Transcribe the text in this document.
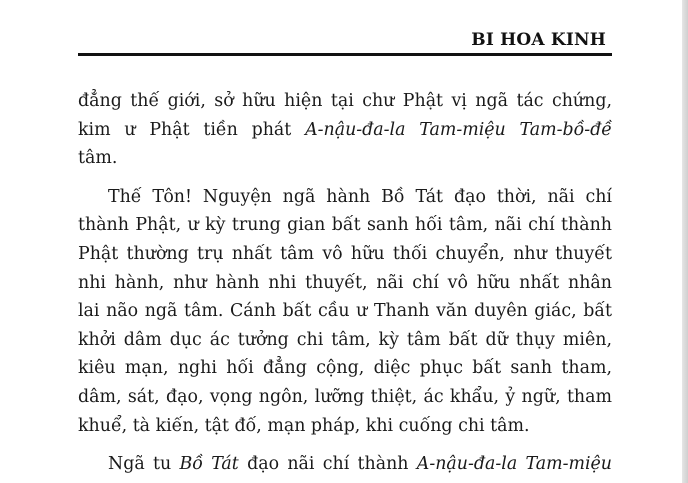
BI HOA KINH
đẳng thế giới, sở hữu hiện tại chư Phật vị ngã tác chứng,
kim ư Phật tiền phát A-nậu-đa-la Tam-miệu Tam-bồ-đề
tâm.
Thế Tôn! Nguyện ngã hành Bồ Tát đạo thời, nãi chí
thành Phật, ư kỳ trung gian bất sanh hối tâm, nãi chí thành
Phật thường trụ nhất tâm vô hữu thối chuyển, như thuyết
nhi hành, như hành nhi thuyết, nãi chí vô hữu nhất nhân
lai não ngã tâm. Cánh bất cầu ư Thanh văn duyên giác, bất
khởi dâm dục ác tưởng chi tâm, kỳ tâm bất dữ thụy miên,
kiêu mạn, nghi hối đẳng cộng, diệc phục bất sanh tham,
dâm, sát, đạo, vọng ngôn, lưỡng thiệt, ác khẩu, ỷ ngữ, tham
khuể, tà kiến, tật đố, mạn pháp, khi cuống chi tâm.
Ngã tu Bồ Tát đạo nãi chí thành A-nậu-đa-la Tam-miệu
